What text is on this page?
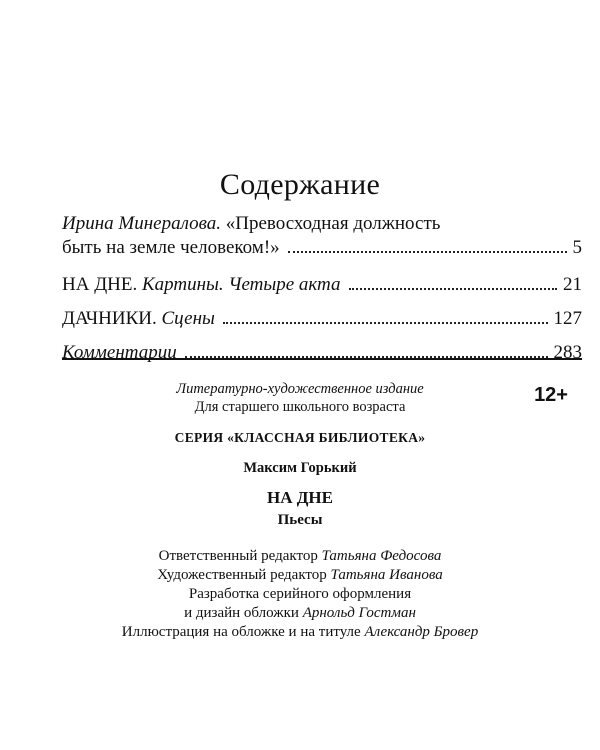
Содержание
Ирина Минералова. «Превосходная должность
быть на земле человеком!»	5
НА ДНЕ. Картины. Четыре акта	21
ДАЧНИКИ. Сцены	127
Комментарии	283
12+
Литературно-художественное издание
Для старшего школьного возраста
СЕРИЯ «КЛАССНАЯ БИБЛИОТЕКА»
Максим Горький
НА ДНЕ
Пьесы
Ответственный редактор Татьяна Федосова
Художественный редактор Татьяна Иванова
Разработка серийного оформления
и дизайн обложки Арнольд Гостман
Иллюстрация на обложке и на титуле Александр Бровер
